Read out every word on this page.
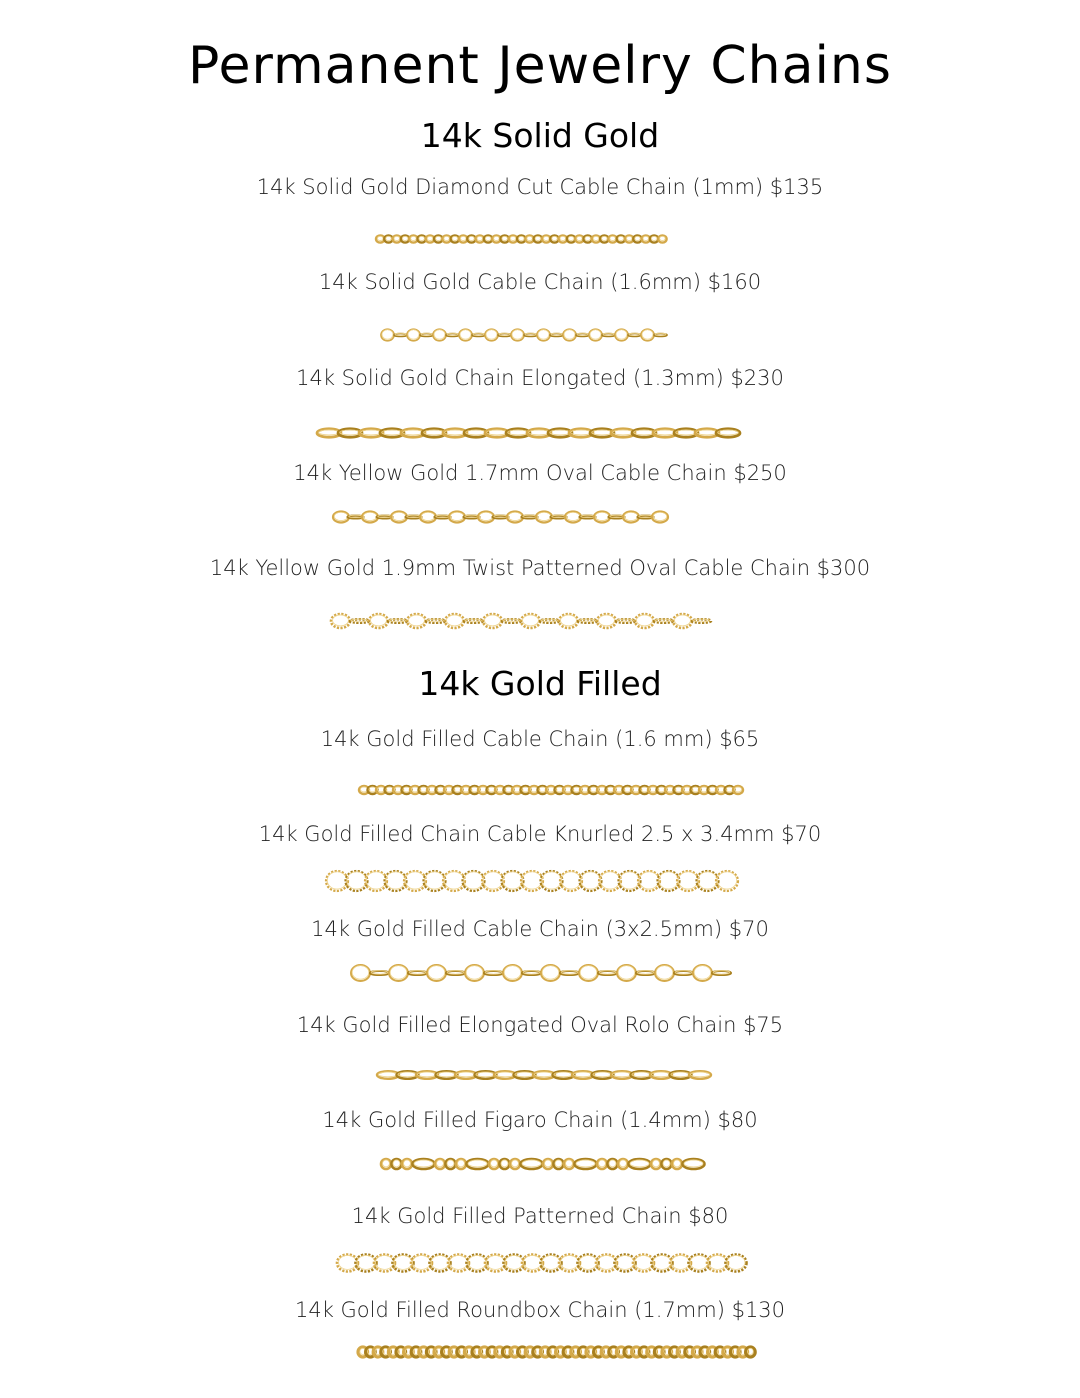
Permanent Jewelry Chains
14k Solid Gold

14k Solid Gold Diamond Cut Cable Chain (1mm) $135

14k Solid Gold Cable Chain (1.6mm) $160

14k Solid Gold Chain Elongated (1.3mm) $230

14k Yellow Gold 1.7mm Oval Cable Chain $250

14k Yellow Gold 1.9mm Twist Patterned Oval Cable Chain $300

14k Gold Filled

14k Gold Filled Cable Chain (1.6 mm) $65

14k Gold Filled Chain Cable Knurled 2.5 x 3.4mm $70

14k Gold Filled Cable Chain (3x2.5mm) $70

14k Gold Filled Elongated Oval Rolo Chain $75

14k Gold Filled Figaro Chain (1.4mm) $80

14k Gold Filled Patterned Chain $80

14k Gold Filled Roundbox Chain (1.7mm) $130
